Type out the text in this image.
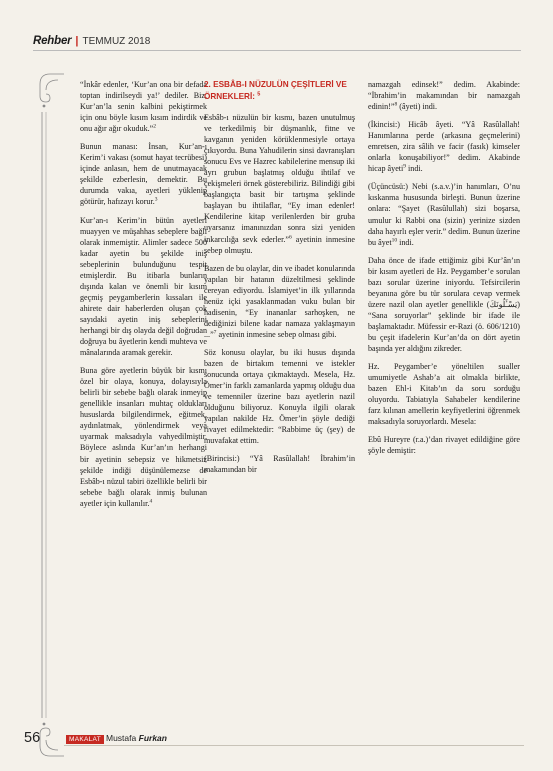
Rehber | TEMMUZ 2018

“İnkâr edenler, ‘Kur’an ona bir defada toptan indirilseydi ya!’ dediler. Biz, Kur’an’la senin kalbini pekiştirmek için onu böyle kısım kısım indirdik ve onu ağır ağır okuduk.”$^2$

Bunun manası: İnsan, Kur’an-ı Kerim’i vakası (somut hayat tecrübesi) içinde anlasın, hem de unutmayacak şekilde ezberlesin, demektir. Bu durumda vakıa, ayetleri yüklenip götürür, hafızayı korur.$^3$

Kur’an-ı Kerim’in bütün ayetleri muayyen ve müşahhas sebeplere bağlı olarak inmemiştir. Alimler sadece 500 kadar ayetin bu şekilde iniş sebeplerinin bulunduğunu tespit etmişlerdir. Bu itibarla bunların dışında kalan ve önemli bir kısım geçmiş peygamberlerin kıssaları ile ahirete dair haberlerden oluşan çok sayıdaki ayetin iniş sebeplerini herhangi bir dış olayda değil doğrudan doğruya bu âyetlerin kendi muhteva ve mânalarında aramak gerekir.

Buna göre ayetlerin büyük bir kısmı özel bir olaya, konuya, dolayısıyla belirli bir sebebe bağlı olarak inmeyip genellikle insanları muhtaç oldukları hususlarda bilgilendirmek, eğitmek, aydınlatmak, yönlendirmek veya uyarmak maksadıyla vahyedilmiştir. Böylece aslında Kur’an’ın herhangi bir ayetinin sebepsiz ve hikmetsiz şekilde indiği düşünülemezse de Esbâb-ı nüzul tabiri özellikle belirli bir sebebe bağlı olarak inmiş bulunan ayetler için kullanılır.$^4$

2. ESBÂB-I NÜZULÜN ÇEŞİTLERİ VE ÖRNEKLERİ: $^5$

Esbâb-ı nüzulün bir kısmı, bazen unutulmuş ve terkedilmiş bir düşmanlık, fitne ve kavganın yeniden körüklenmesiyle ortaya çıkıyordu. Buna Yahudilerin sinsi davranışları sonucu Evs ve Hazrec kabilelerine mensup iki ayrı grubun başlatmış olduğu ihtilaf ve çekişmeleri örnek gösterebiliriz. Bilindiği gibi başlangıçta basit bir tartışma şeklinde başlayan bu ihtilaflar, “Ey iman edenler! Kendilerine kitap verilenlerden bir gruba uyarsanız imanınızdan sonra sizi yeniden inkarcılığa sevk ederler.”$^6$ ayetinin inmesine sebep olmuştu.

Bazen de bu olaylar, din ve ibadet konularında yapılan bir hatanın düzeltilmesi şeklinde cereyan ediyordu. İslamiyet’in ilk yıllarında henüz içki yasaklanmadan vuku bulan bir hadisenin, “Ey inananlar sarhoşken, ne dediğinizi bilene kadar namaza yaklaşmayın ...”$^7$ ayetinin inmesine sebep olması gibi.

Söz konusu olaylar, bu iki husus dışında bazen de birtakım temenni ve istekler sonucunda ortaya çıkmaktaydı. Mesela, Hz. Ömer’in farklı zamanlarda yapmış olduğu dua ve temenniler üzerine bazı ayetlerin nazil olduğunu biliyoruz. Konuyla ilgili olarak yapılan nakilde Hz. Ömer’in şöyle dediği rivayet edilmektedir: “Rabbime üç (şey) de muvafakat ettim.

(Birincisi:) “Yâ Rasûlallah! İbrahim’in makamından bir

namazgah edinsek!” dedim. Akabinde: “İbrahim’in makamından bir namazgah edinin!”$^8$ (âyeti) indi.

(İkincisi:) Hicâb âyeti. “Yâ Rasûlallah! Hanımlarına perde (arkasına geçmelerini) emretsen, zira sâlih ve facir (fasık) kimseler onlarla konuşabiliyor!” dedim. Akabinde hicap âyeti$^9$ indi.

(Üçüncüsü:) Nebi (s.a.v.)’in hanımları, O’nu kıskanma hususunda birleşti. Bunun üzerine onlara: “Şayet (Rasûlullah) sizi boşarsa, umulur ki Rabbi ona (sizin) yerinize sizden daha hayırlı eşler verir.” dedim. Bunun üzerine bu âyet$^{10}$ indi.

Daha önce de ifade ettiğimiz gibi Kur’ân’ın bir kısım ayetleri de Hz. Peygamber’e sorulan bazı sorular üzerine iniyordu. Tefsircilerin beyanına göre bu tür sorulara cevap vermek üzere nazil olan ayetler genellikle (يَسْـَٔلُونَكَ) “Sana soruyorlar” şeklinde bir ifade ile başlamaktadır. Müfessir er-Razi (ö. 606/1210) bu çeşit ifadelerin Kur’an’da on dört ayetin başında yer aldığını zikreder.

Hz. Peygamber’e yöneltilen sualler umumiyetle Ashab’a ait olmakla birlikte, bazen Ehl-i Kitab’ın da soru sorduğu oluyordu. Tabiatıyla Sahabeler kendilerine farz kılınan amellerin keyfiyetlerini öğrenmek maksadıyla soruyorlardı. Mesela:

Ebû Hureyre (r.a.)’dan rivayet edildiğine göre şöyle demiştir:

56	MAKALAT Mustafa Furkan
